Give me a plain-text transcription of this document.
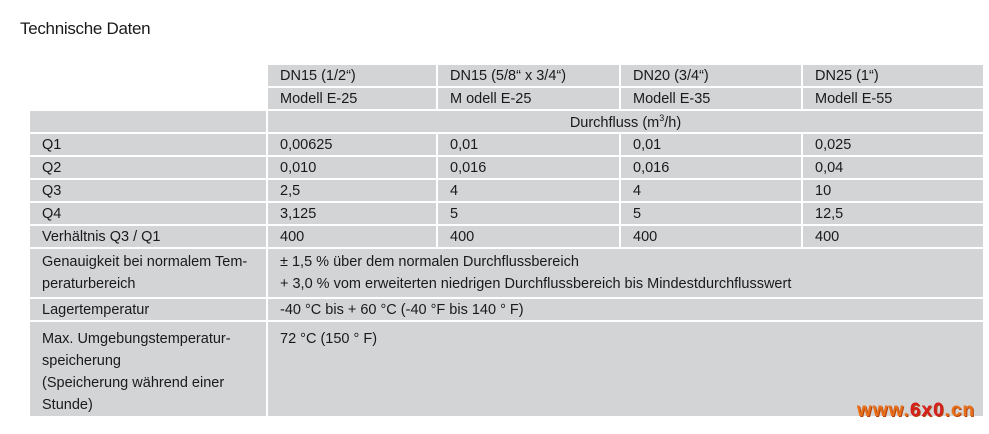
Technische Daten
	DN15 (1/2“)	DN15 (5/8“ x 3/4“)	DN20 (3/4“)	DN25 (1“)
	Modell E-25	M odell E-25	Modell E-35	Modell E-55
	Durchfluss $(m^3/h)$			
Q1	0,00625	0,01	0,01	0,025
Q2	0,010	0,016	0,016	0,04
Q3	2,5	4	4	10
Q4	3,125	5	5	12,5
Verhältnis Q3 / Q1	400	400	400	400

Genauigkeit bei normalem Tem-
peraturbereich	± 1,5 % über dem normalen Durchflussbereich
+ 3,0 % vom erweiterten niedrigen Durchflussbereich bis Mindestdurchflusswert			

Lagertemperatur	-40 °C bis + 60 °C (-40 °F bis 140 ° F)			

Max. Umgebungstemperatur-
speicherung
(Speicherung während einer
Stunde)	72 °C (150 ° F)			
www.6x0.cn
